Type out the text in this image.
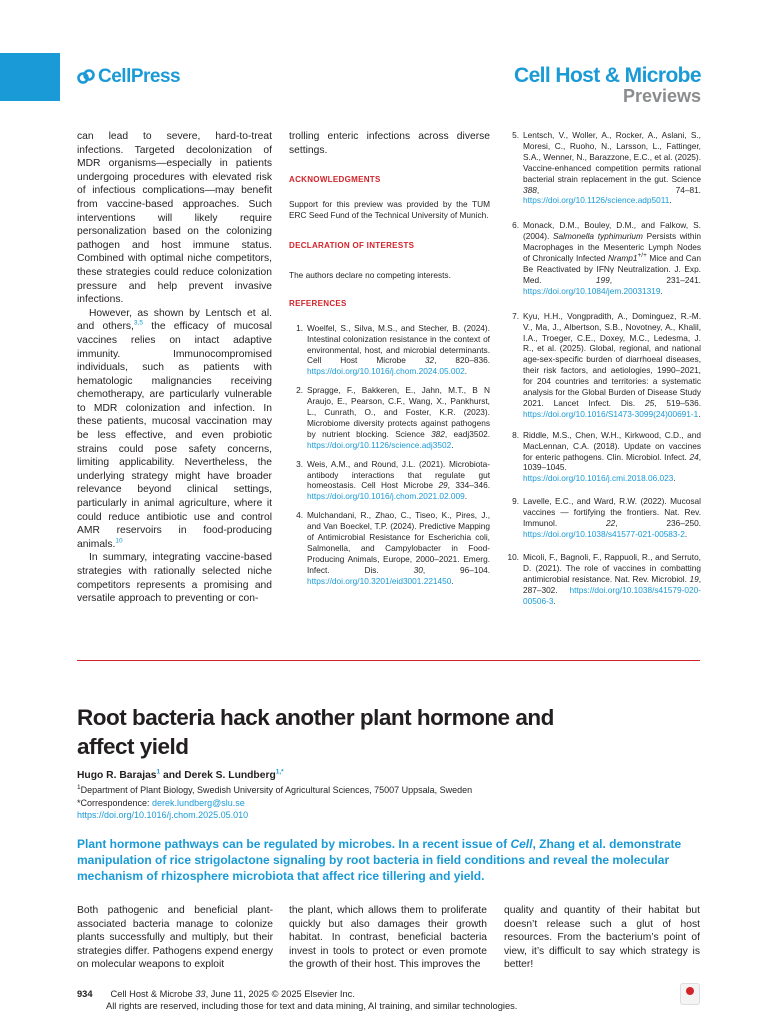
CellPress	Cell Host & Microbe
Previews

can lead to severe, hard-to-treat infections. Targeted decolonization of MDR organisms—especially in patients undergoing procedures with elevated risk of infectious complications—may benefit from vaccine-based approaches. Such interventions will likely require personalization based on the colonizing pathogen and host immune status. Combined with optimal niche competitors, these strategies could reduce colonization pressure and help prevent invasive infections.

However, as shown by Lentsch et al. and others,$^{3,5}$ the efficacy of mucosal vaccines relies on intact adaptive immunity. Immunocompromised individuals, such as patients with hematologic malignancies receiving chemotherapy, are particularly vulnerable to MDR colonization and infection. In these patients, mucosal vaccination may be less effective, and even probiotic strains could pose safety concerns, limiting applicability. Nevertheless, the underlying strategy might have broader relevance beyond clinical settings, particularly in animal agriculture, where it could reduce antibiotic use and control AMR reservoirs in food-producing animals.$^{10}$

In summary, integrating vaccine-based strategies with rationally selected niche competitors represents a promising and versatile approach to preventing or con-

trolling enteric infections across diverse settings.

ACKNOWLEDGMENTS
Support for this preview was provided by the TUM ERC Seed Fund of the Technical University of Munich.
DECLARATION OF INTERESTS
The authors declare no competing interests.
REFERENCES
1. Woelfel, S., Silva, M.S., and Stecher, B. (2024). Intestinal colonization resistance in the context of environmental, host, and microbial determinants. Cell Host Microbe 32, 820–836. https://doi.org/10.1016/j.chom.2024.05.002.
2. Spragge, F., Bakkeren, E., Jahn, M.T., B N Araujo, E., Pearson, C.F., Wang, X., Pankhurst, L., Cunrath, O., and Foster, K.R. (2023). Microbiome diversity protects against pathogens by nutrient blocking. Science 382, eadj3502. https://doi.org/10.1126/science.adj3502.
3. Weis, A.M., and Round, J.L. (2021). Microbiota-antibody interactions that regulate gut homeostasis. Cell Host Microbe 29, 334–346. https://doi.org/10.1016/j.chom.2021.02.009.
4. Mulchandani, R., Zhao, C., Tiseo, K., Pires, J., and Van Boeckel, T.P. (2024). Predictive Mapping of Antimicrobial Resistance for Escherichia coli, Salmonella, and Campylobacter in Food-Producing Animals, Europe, 2000–2021. Emerg. Infect. Dis. 30, 96–104. https://doi.org/10.3201/eid3001.221450.
5. Lentsch, V., Woller, A., Rocker, A., Aslani, S., Moresi, C., Ruoho, N., Larsson, L., Fattinger, S.A., Wenner, N., Barazzone, E.C., et al. (2025). Vaccine-enhanced competition permits rational bacterial strain replacement in the gut. Science 388, 74–81. https://doi.org/10.1126/science.adp5011.
6. Monack, D.M., Bouley, D.M., and Falkow, S. (2004). Salmonella typhimurium Persists within Macrophages in the Mesenteric Lymph Nodes of Chronically Infected Nramp1+/+ Mice and Can Be Reactivated by IFNγ Neutralization. J. Exp. Med. 199, 231–241. https://doi.org/10.1084/jem.20031319.
7. Kyu, H.H., Vongpradith, A., Dominguez, R.-M. V., Ma, J., Albertson, S.B., Novotney, A., Khalil, I.A., Troeger, C.E., Doxey, M.C., Ledesma, J. R., et al. (2025). Global, regional, and national age-sex-specific burden of diarrhoeal diseases, their risk factors, and aetiologies, 1990–2021, for 204 countries and territories: a systematic analysis for the Global Burden of Disease Study 2021. Lancet Infect. Dis. 25, 519–536. https://doi.org/10.1016/S1473-3099(24)00691-1.
8. Riddle, M.S., Chen, W.H., Kirkwood, C.D., and MacLennan, C.A. (2018). Update on vaccines for enteric pathogens. Clin. Microbiol. Infect. 24, 1039–1045. https://doi.org/10.1016/j.cmi.2018.06.023.
9. Lavelle, E.C., and Ward, R.W. (2022). Mucosal vaccines — fortifying the frontiers. Nat. Rev. Immunol. 22, 236–250. https://doi.org/10.1038/s41577-021-00583-2.
10. Micoli, F., Bagnoli, F., Rappuoli, R., and Serruto, D. (2021). The role of vaccines in combatting antimicrobial resistance. Nat. Rev. Microbiol. 19, 287–302. https://doi.org/10.1038/s41579-020-00506-3.
Root bacteria hack another plant hormone and affect yield
Hugo R. Barajas$^1$ and Derek S. Lundberg$^{1,*}$
$^1$Department of Plant Biology, Swedish University of Agricultural Sciences, 75007 Uppsala, Sweden
*Correspondence: derek.lundberg@slu.se
https://doi.org/10.1016/j.chom.2025.05.010
Plant hormone pathways can be regulated by microbes. In a recent issue of Cell, Zhang et al. demonstrate manipulation of rice strigolactone signaling by root bacteria in field conditions and reveal the molecular mechanism of rhizosphere microbiota that affect rice tillering and yield.
Both pathogenic and beneficial plant-associated bacteria manage to colonize plants successfully and multiply, but their strategies differ. Pathogens expend energy on molecular weapons to exploit
the plant, which allows them to proliferate quickly but also damages their growth habitat. In contrast, beneficial bacteria invest in tools to protect or even promote the growth of their host. This improves the
quality and quantity of their habitat but doesn’t release such a glut of host resources. From the bacterium’s point of view, it’s difficult to say which strategy is better!
934 Cell Host & Microbe 33, June 11, 2025 © 2025 Elsevier Inc.
All rights are reserved, including those for text and data mining, AI training, and similar technologies.
